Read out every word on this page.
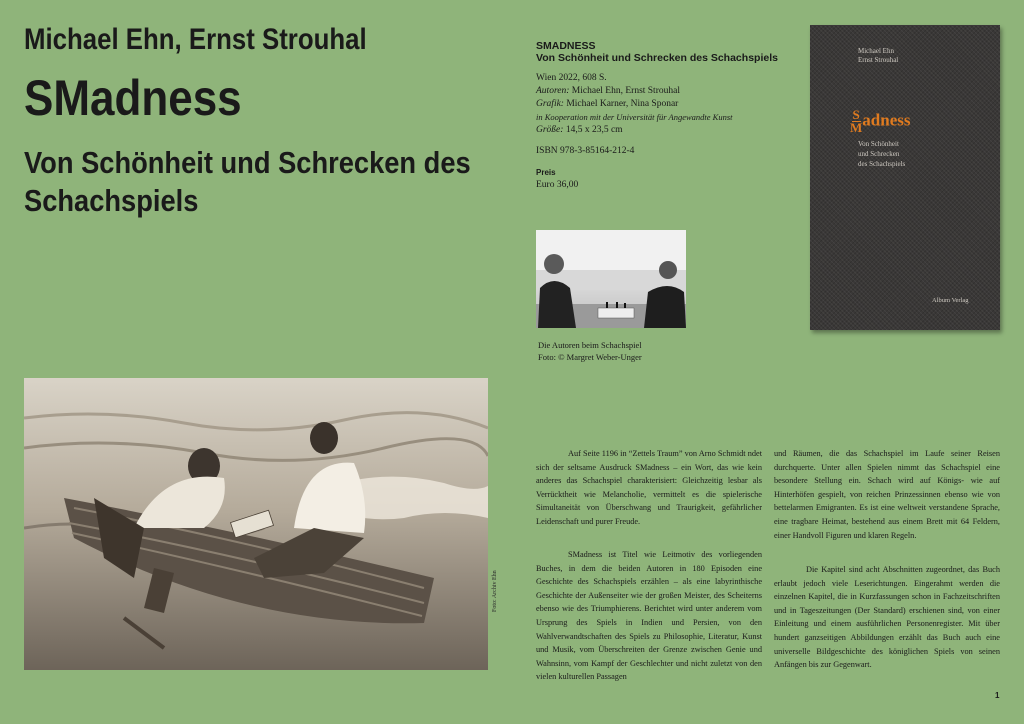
Michael Ehn, Ernst Strouhal
SMadness
Von Schönheit und Schrecken des Schachspiels
SMADNESS
Von Schönheit und Schrecken des Schachspiels

Wien 2022, 608 S.

Autoren: Michael Ehn, Ernst Strouhal

Grafik: Michael Karner, Nina Sponar

in Kooperation mit der Universität für Angewandte Kunst

Größe: 14,5 x 23,5 cm

ISBN 978-3-85164-212-4

Preis

Euro 36,00

Die Autoren beim Schachspiel
Foto: © Margret Weber-Unger
Michael Ehn
Ernst Strouhal
$\frac{S}{M}$ adness
Von Schönheit
und Schrecken
des Schachspiels
Album Verlag
Foto: Archiv Ehn

Auf Seite 1196 in “Zettels Traum” von Arno Schmidt ndet sich der seltsame Ausdruck SMadness – ein Wort, das wie kein anderes das Schachspiel charakterisiert: Gleichzeitig lesbar als Verrücktheit wie Melancholie, vermittelt es die spielerische Simultaneität von Überschwang und Traurigkeit, gefährlicher Leidenschaft und purer Freude.

und Räumen, die das Schachspiel im Laufe seiner Reisen durchquerte. Unter allen Spielen nimmt das Schachspiel eine besondere Stellung ein. Schach wird auf Königs- wie auf Hinterhöfen gespielt, von reichen Prinzessinnen ebenso wie von bettelarmen Emigranten. Es ist eine weltweit verstandene Sprache, eine tragbare Heimat, bestehend aus einem Brett mit 64 Feldern, einer Handvoll Figuren und klaren Regeln.

SMadness ist Titel wie Leitmotiv des vorliegenden Buches, in dem die beiden Autoren in 180 Episoden eine Geschichte des Schachspiels erzählen – als eine labyrinthische Geschichte der Außenseiter wie der großen Meister, des Scheiterns ebenso wie des Triumphierens. Berichtet wird unter anderem vom Ursprung des Spiels in Indien und Persien, von den Wahlverwandtschaften des Spiels zu Philosophie, Literatur, Kunst und Musik, vom Überschreiten der Grenze zwischen Genie und Wahnsinn, vom Kampf der Geschlechter und nicht zuletzt von den vielen kulturellen Passagen

Die Kapitel sind acht Abschnitten zugeordnet, das Buch erlaubt jedoch viele Leserichtungen. Eingerahmt werden die einzelnen Kapitel, die in Kurzfassungen schon in Fachzeitschriften und in Tageszeitungen (Der Standard) erschienen sind, von einer Einleitung und einem ausführlichen Personenregister. Mit über hundert ganzseitigen Abbildungen erzählt das Buch auch eine universelle Bildgeschichte des königlichen Spiels von seinen Anfängen bis zur Gegenwart.

1
